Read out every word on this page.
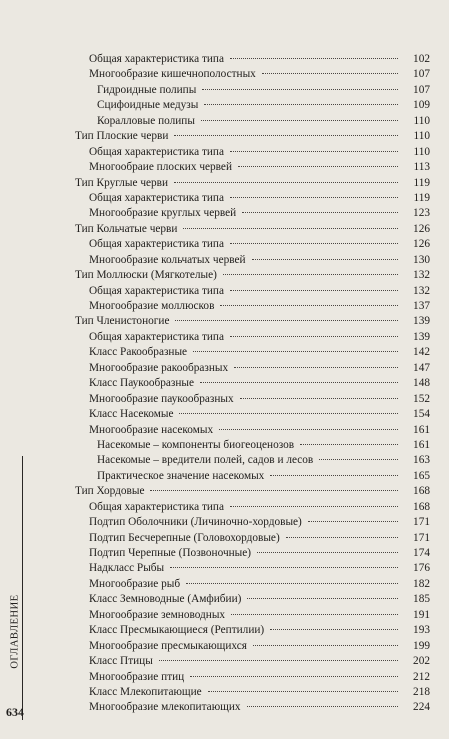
Общая характеристика типа	102
Многообразие кишечнополостных	107
Гидроидные полипы	107
Сцифоидные медузы	109
Коралловые полипы	110
Тип Плоские черви	110
Общая характеристика типа	110
Многообраие плоских червей	113
Тип Круглые черви	119
Общая характеристика типа	119
Многообразие круглых червей	123
Тип Кольчатые черви	126
Общая характеристика типа	126
Многообразие кольчатых червей	130
Тип Моллюски (Мягкотелые)	132
Общая характеристика типа	132
Многообразие моллюсков	137
Тип Членистоногие	139
Общая характеристика типа	139
Класс Ракообразные	142
Многообразие ракообразных	147
Класс Паукообразные	148
Многообразие паукообразных	152
Класс Насекомые	154
Многообразие насекомых	161
Насекомые – компоненты биогеоценозов	161
Насекомые – вредители полей, садов и лесов	163
Практическое значение насекомых	165
Тип Хордовые	168
Общая характеристика типа	168
Подтип Оболочники (Личиночно-хордовые)	171
Подтип Бесчерепные (Головохордовые)	171
Подтип Черепные (Позвоночные)	174
Надкласс Рыбы	176
Многообразие рыб	182
Класс Земноводные (Амфибии)	185
Многообразие земноводных	191
Класс Пресмыкающиеся (Рептилии)	193
Многообразие пресмыкающихся	199
Класс Птицы	202
Многообразие птиц	212
Класс Млекопитающие	218
Многообразие млекопитающих	224
ОГЛАВЛЕНИЕ
634
